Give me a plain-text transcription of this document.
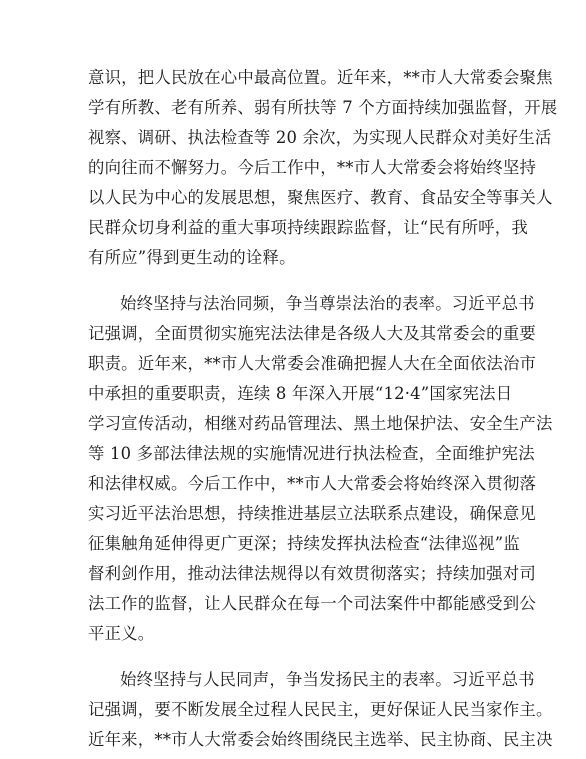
意识，把人民放在心中最高位置。近年来，**市人大常委会聚焦
学有所教、老有所养、弱有所扶等 7 个方面持续加强监督，开展
视察、调研、执法检查等 20 余次，为实现人民群众对美好生活
的向往而不懈努力。今后工作中，**市人大常委会将始终坚持
以人民为中心的发展思想，聚焦医疗、教育、食品安全等事关人
民群众切身利益的重大事项持续跟踪监督，让“民有所呼，我
有所应”得到更生动的诠释。
始终坚持与法治同频，争当尊崇法治的表率。习近平总书
记强调，全面贯彻实施宪法法律是各级人大及其常委会的重要
职责。近年来，**市人大常委会准确把握人大在全面依法治市
中承担的重要职责，连续 8 年深入开展“12·4”国家宪法日
学习宣传活动，相继对药品管理法、黑土地保护法、安全生产法
等 10 多部法律法规的实施情况进行执法检查，全面维护宪法
和法律权威。今后工作中，**市人大常委会将始终深入贯彻落
实习近平法治思想，持续推进基层立法联系点建设，确保意见
征集触角延伸得更广更深；持续发挥执法检查“法律巡视”监
督利剑作用，推动法律法规得以有效贯彻落实；持续加强对司
法工作的监督，让人民群众在每一个司法案件中都能感受到公
平正义。
始终坚持与人民同声，争当发扬民主的表率。习近平总书
记强调，要不断发展全过程人民民主，更好保证人民当家作主。
近年来，**市人大常委会始终围绕民主选举、民主协商、民主决
